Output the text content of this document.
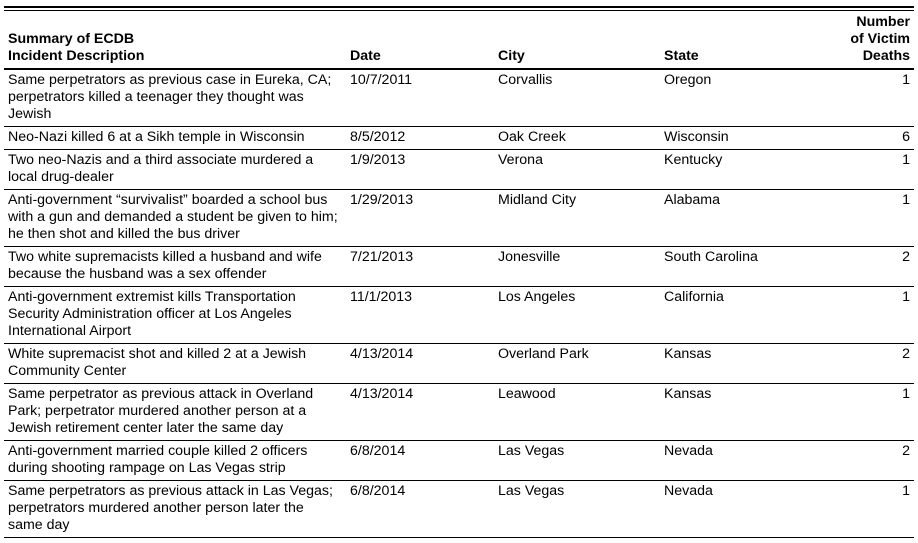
Summary of ECDB
Incident Description	Date	City	State	Number
of Victim
Deaths

Same perpetrators as previous case in Eureka, CA; perpetrators killed a teenager they thought was Jewish	10/7/2011	Corvallis	Oregon	1
Neo-Nazi killed 6 at a Sikh temple in Wisconsin	8/5/2012	Oak Creek	Wisconsin	6
Two neo-Nazis and a third associate murdered a local drug-dealer	1/9/2013	Verona	Kentucky	1
Anti-government “survivalist” boarded a school bus with a gun and demanded a student be given to him; he then shot and killed the bus driver	1/29/2013	Midland City	Alabama	1
Two white supremacists killed a husband and wife because the husband was a sex offender	7/21/2013	Jonesville	South Carolina	2
Anti-government extremist kills Transportation Security Administration officer at Los Angeles International Airport	11/1/2013	Los Angeles	California	1
White supremacist shot and killed 2 at a Jewish Community Center	4/13/2014	Overland Park	Kansas	2
Same perpetrator as previous attack in Overland Park; perpetrator murdered another person at a Jewish retirement center later the same day	4/13/2014	Leawood	Kansas	1
Anti-government married couple killed 2 officers during shooting rampage on Las Vegas strip	6/8/2014	Las Vegas	Nevada	2
Same perpetrators as previous attack in Las Vegas; perpetrators murdered another person later the same day	6/8/2014	Las Vegas	Nevada	1
